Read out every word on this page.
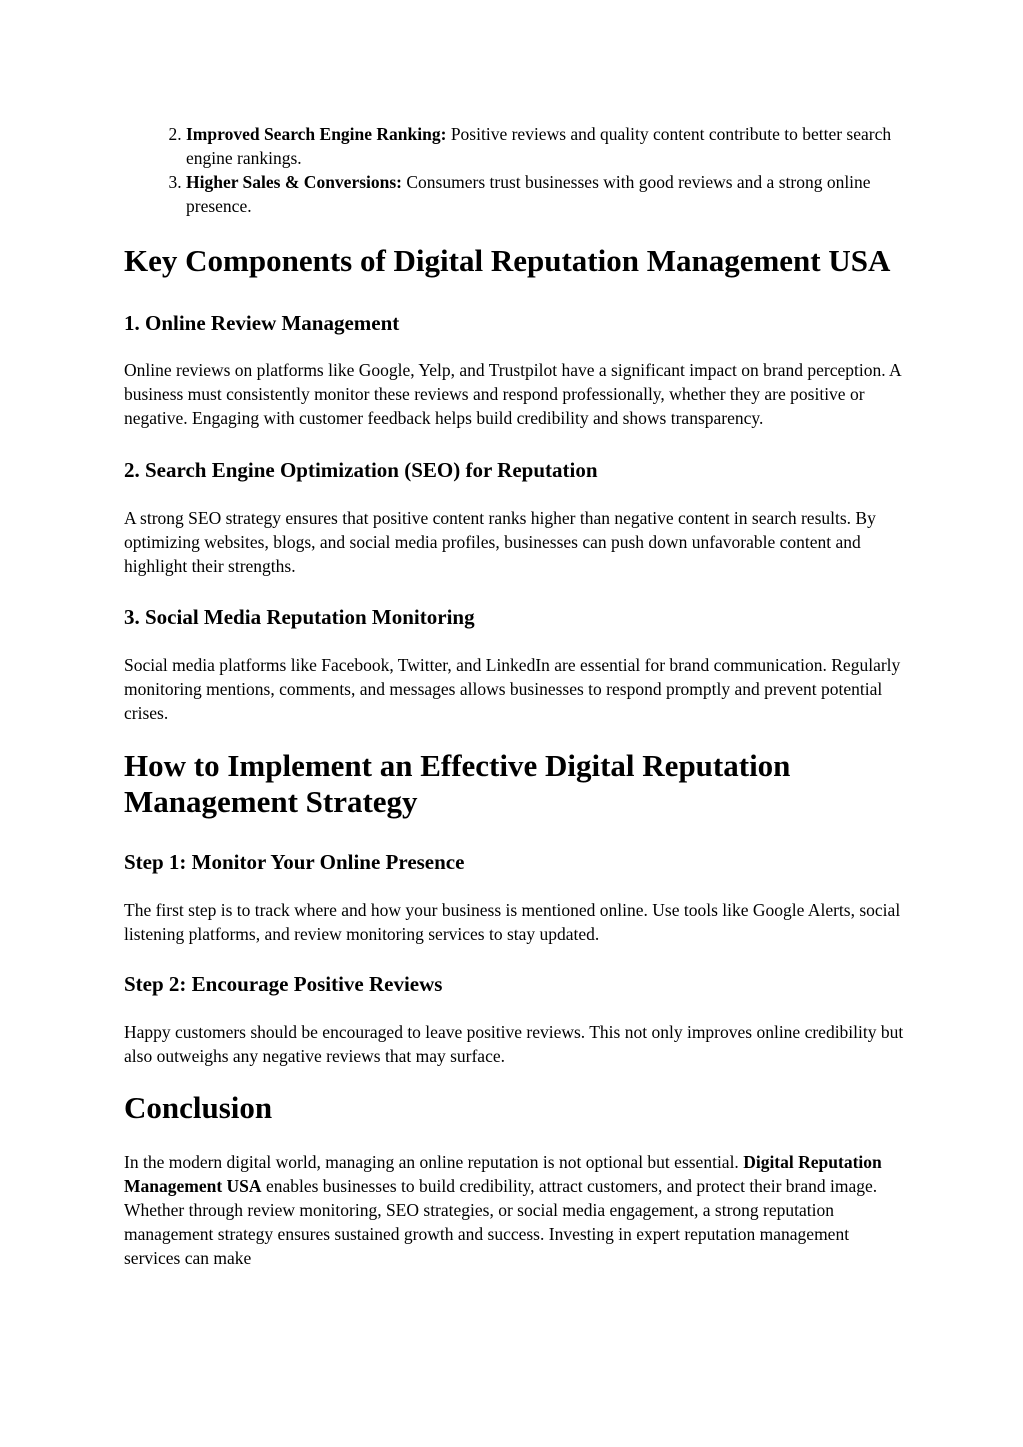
2. Improved Search Engine Ranking: Positive reviews and quality content contribute to better search engine rankings.
3. Higher Sales & Conversions: Consumers trust businesses with good reviews and a strong online presence.
Key Components of Digital Reputation Management USA
1. Online Review Management

Online reviews on platforms like Google, Yelp, and Trustpilot have a significant impact on brand perception. A business must consistently monitor these reviews and respond professionally, whether they are positive or negative. Engaging with customer feedback helps build credibility and shows transparency.

2. Search Engine Optimization (SEO) for Reputation

A strong SEO strategy ensures that positive content ranks higher than negative content in search results. By optimizing websites, blogs, and social media profiles, businesses can push down unfavorable content and highlight their strengths.

3. Social Media Reputation Monitoring

Social media platforms like Facebook, Twitter, and LinkedIn are essential for brand communication. Regularly monitoring mentions, comments, and messages allows businesses to respond promptly and prevent potential crises.

How to Implement an Effective Digital Reputation Management Strategy
Step 1: Monitor Your Online Presence

The first step is to track where and how your business is mentioned online. Use tools like Google Alerts, social listening platforms, and review monitoring services to stay updated.

Step 2: Encourage Positive Reviews

Happy customers should be encouraged to leave positive reviews. This not only improves online credibility but also outweighs any negative reviews that may surface.

Conclusion

In the modern digital world, managing an online reputation is not optional but essential. Digital Reputation Management USA enables businesses to build credibility, attract customers, and protect their brand image. Whether through review monitoring, SEO strategies, or social media engagement, a strong reputation management strategy ensures sustained growth and success. Investing in expert reputation management services can make
